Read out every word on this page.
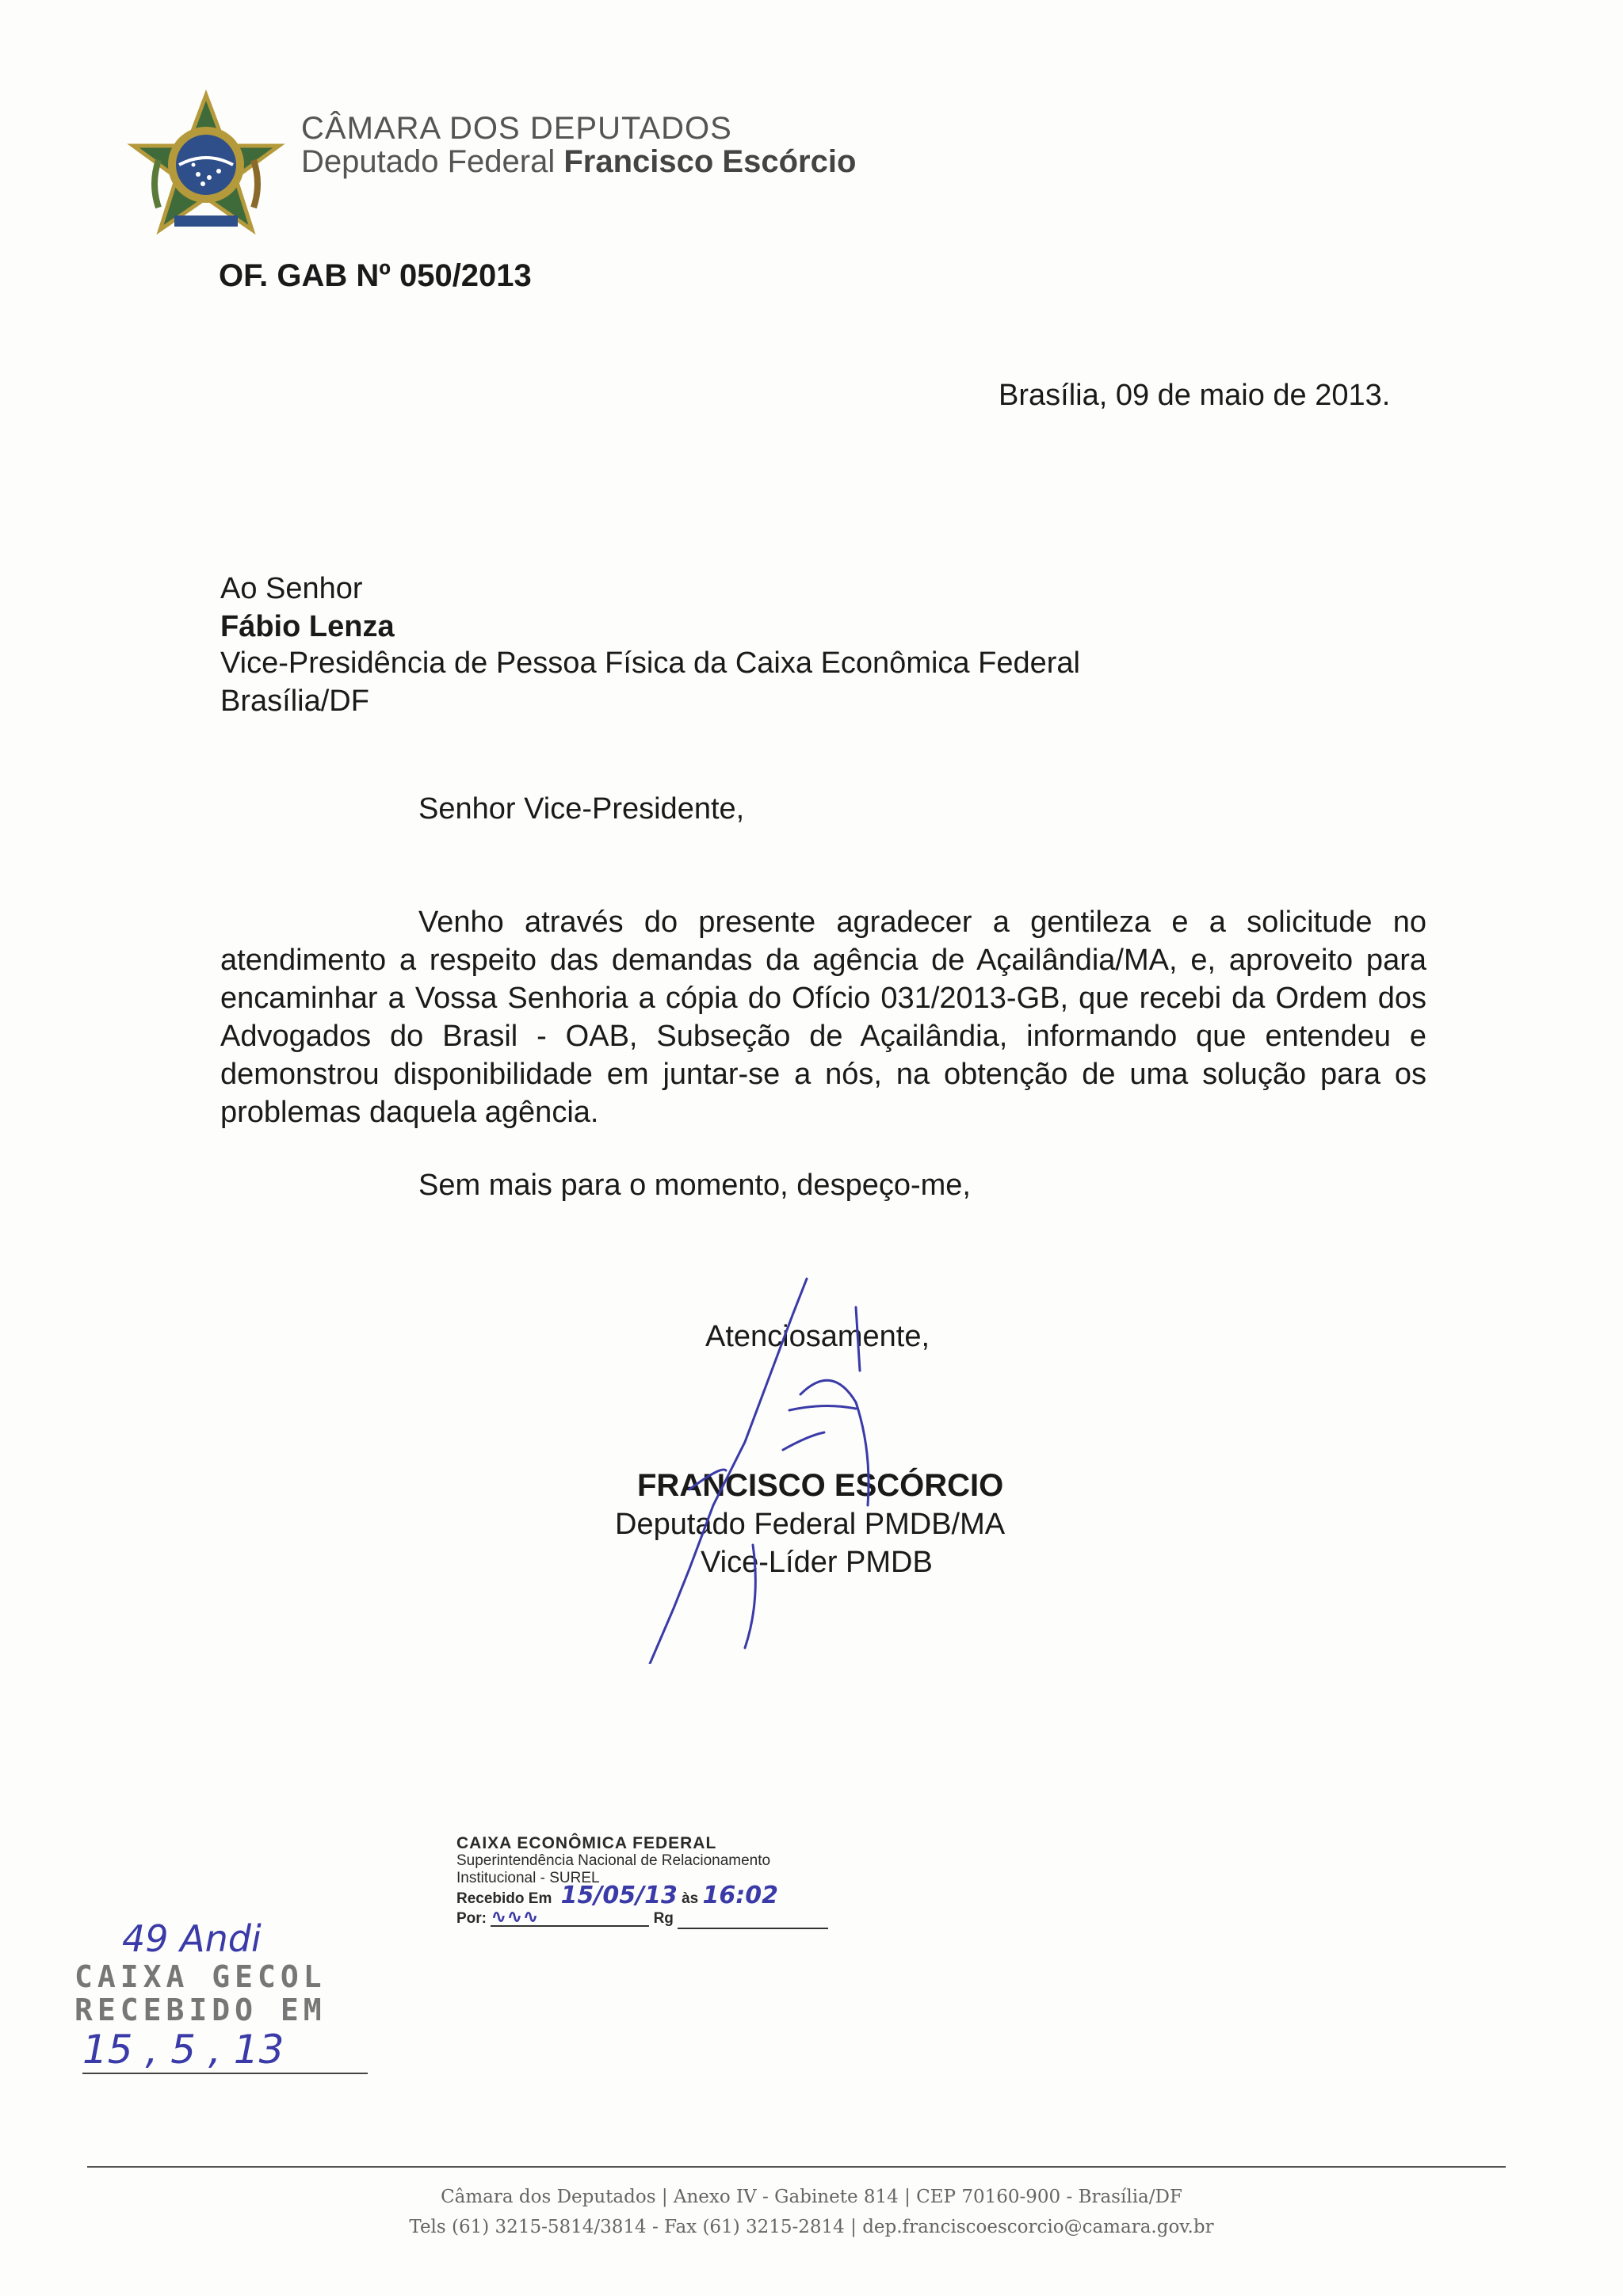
CÂMARA DOS DEPUTADOS
Deputado Federal Francisco Escórcio
OF. GAB Nº 050/2013
Brasília, 09 de maio de 2013.
Ao Senhor
Fábio Lenza
Vice-Presidência de Pessoa Física da Caixa Econômica Federal
Brasília/DF
Senhor Vice-Presidente,
Venho através do presente agradecer a gentileza e a solicitude no atendimento a respeito das demandas da agência de Açailândia/MA, e, aproveito para encaminhar a Vossa Senhoria a cópia do Ofício 031/2013-GB, que recebi da Ordem dos Advogados do Brasil - OAB, Subseção de Açailândia, informando que entendeu e demonstrou disponibilidade em juntar-se a nós, na obtenção de uma solução para os problemas daquela agência.
Sem mais para o momento, despeço-me,
Atenciosamente,
FRANCISCO ESCÓRCIO
Deputado Federal PMDB/MA
Vice-Líder PMDB
CAIXA ECONÔMICA FEDERAL
Superintendência Nacional de Relacionamento
Institucional - SUREL
Recebido Em 15/05/13 às 16:02
Por: ∿∿∿	Rg
49 Andi
CAIXA GECOL
RECEBIDO EM
15 , 5 , 13
Câmara dos Deputados | Anexo IV - Gabinete 814 | CEP 70160-900 - Brasília/DF
Tels (61) 3215-5814/3814 - Fax (61) 3215-2814 | dep.franciscoescorcio@camara.gov.br
